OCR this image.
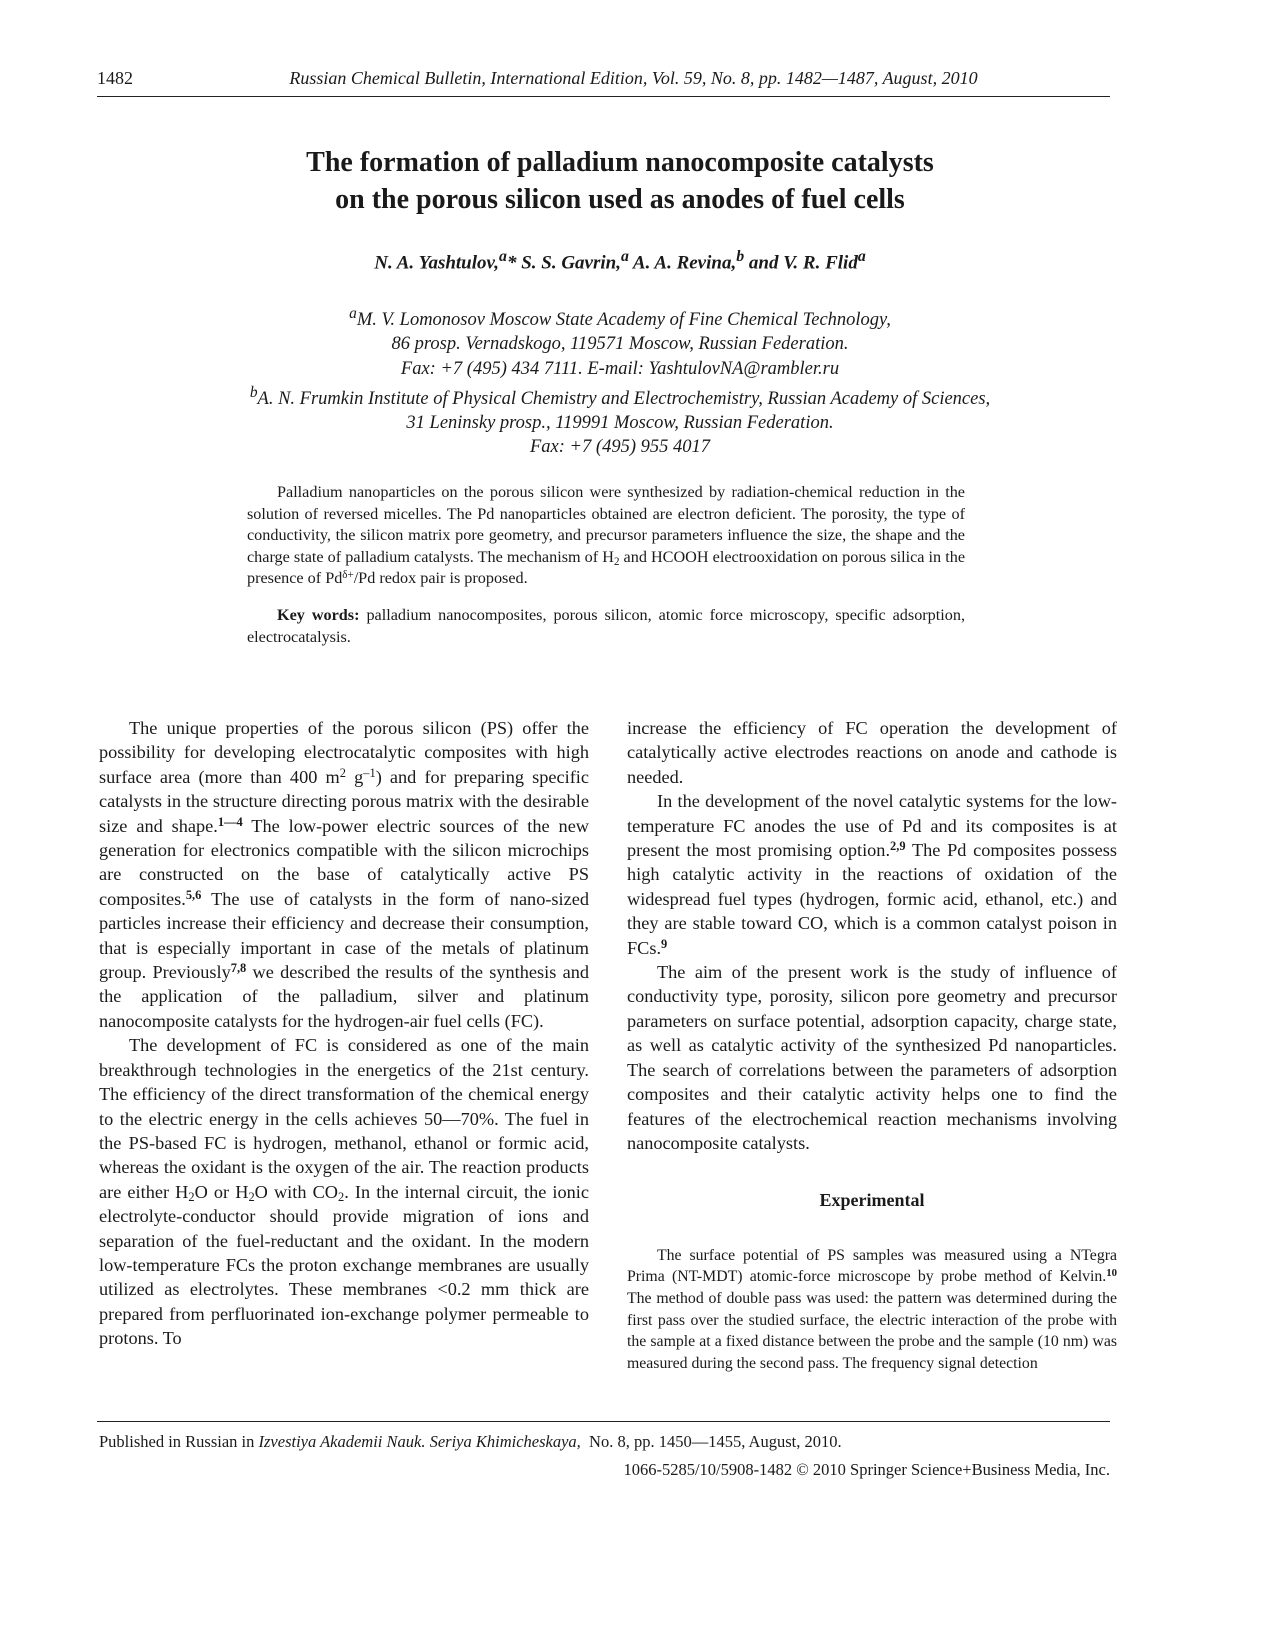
1482	Russian Chemical Bulletin, International Edition, Vol. 59, No. 8, pp. 1482—1487, August, 2010
The formation of palladium nanocomposite catalysts
on the porous silicon used as anodes of fuel cells
N. A. Yashtulov,$^a$* S. S. Gavrin,$^a$ A. A. Revina,$^b$ and V. R. Flid$^a$
$^a$M. V. Lomonosov Moscow State Academy of Fine Chemical Technology,
86 prosp. Vernadskogo, 119571 Moscow, Russian Federation.
Fax: +7 (495) 434 7111. E-mail: YashtulovNA@rambler.ru
$^b$A. N. Frumkin Institute of Physical Chemistry and Electrochemistry, Russian Academy of Sciences,
31 Leninsky prosp., 119991 Moscow, Russian Federation.
Fax: +7 (495) 955 4017

Palladium nanoparticles on the porous silicon were synthesized by radiation-chemical reduction in the solution of reversed micelles. The Pd nanoparticles obtained are electron deficient. The porosity, the type of conductivity, the silicon matrix pore geometry, and precursor parameters influence the size, the shape and the charge state of palladium catalysts. The mechanism of $H_2$ and HCOOH electrooxidation on porous silica in the presence of $Pd^{\delta+}/Pd$ redox pair is proposed.

Key words: palladium nanocomposites, porous silicon, atomic force microscopy, specific adsorption, electrocatalysis.

The unique properties of the porous silicon (PS) offer the possibility for developing electrocatalytic composites with high surface area (more than 400 $m^2$ $g^{-1}$) and for preparing specific catalysts in the structure directing porous matrix with the desirable size and shape.$^{1—4}$ The low-power electric sources of the new generation for electronics compatible with the silicon microchips are constructed on the base of catalytically active PS composites.$^{5,6}$ The use of catalysts in the form of nano-sized particles increase their efficiency and decrease their consumption, that is especially important in case of the metals of platinum group. Previously$^{7,8}$ we described the results of the synthesis and the application of the palladium, silver and platinum nanocomposite catalysts for the hydrogen-air fuel cells (FC).

The development of FC is considered as one of the main breakthrough technologies in the energetics of the 21st century. The efficiency of the direct transformation of the chemical energy to the electric energy in the cells achieves 50—70%. The fuel in the PS-based FC is hydrogen, methanol, ethanol or formic acid, whereas the oxidant is the oxygen of the air. The reaction products are either $H_2O$ or $H_2O$ with $CO_2$. In the internal circuit, the ionic electrolyte-conductor should provide migration of ions and separation of the fuel-reductant and the oxidant. In the modern low-temperature FCs the proton exchange membranes are usually utilized as electrolytes. These membranes <0.2 mm thick are prepared from perfluorinated ion-exchange polymer permeable to protons. To

increase the efficiency of FC operation the development of catalytically active electrodes reactions on anode and cathode is needed.

In the development of the novel catalytic systems for the low-temperature FC anodes the use of Pd and its composites is at present the most promising option.$^{2,9}$ The Pd composites possess high catalytic activity in the reactions of oxidation of the widespread fuel types (hydrogen, formic acid, ethanol, etc.) and they are stable toward CO, which is a common catalyst poison in FCs.$^9$

The aim of the present work is the study of influence of conductivity type, porosity, silicon pore geometry and precursor parameters on surface potential, adsorption capacity, charge state, as well as catalytic activity of the synthesized Pd nanoparticles. The search of correlations between the parameters of adsorption composites and their catalytic activity helps one to find the features of the electrochemical reaction mechanisms involving nanocomposite catalysts.

Experimental

The surface potential of PS samples was measured using a NTegra Prima (NT-MDT) atomic-force microscope by probe method of Kelvin.$^{10}$ The method of double pass was used: the pattern was determined during the first pass over the studied surface, the electric interaction of the probe with the sample at a fixed distance between the probe and the sample (10 nm) was measured during the second pass. The frequency signal detection

Published in Russian in Izvestiya Akademii Nauk. Seriya Khimicheskaya,  No. 8, pp. 1450—1455, August, 2010.
1066-5285/10/5908-1482 © 2010 Springer Science+Business Media, Inc.
